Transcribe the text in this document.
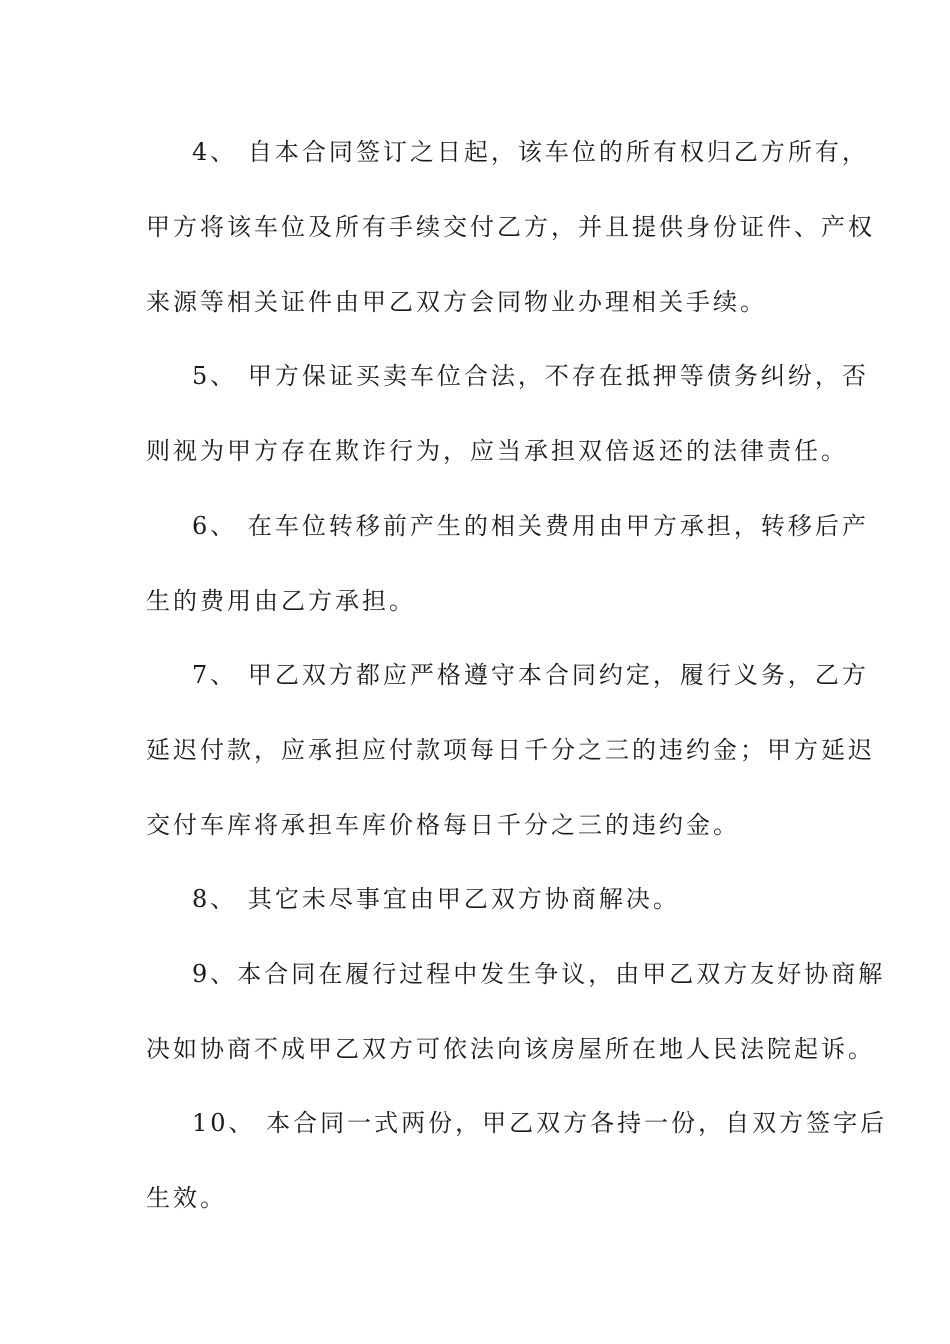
4、 自本合同签订之日起，该车位的所有权归乙方所有，
甲方将该车位及所有手续交付乙方，并且提供身份证件、产权
来源等相关证件由甲乙双方会同物业办理相关手续。
5、 甲方保证买卖车位合法，不存在抵押等债务纠纷，否
则视为甲方存在欺诈行为，应当承担双倍返还的法律责任。
6、 在车位转移前产生的相关费用由甲方承担，转移后产
生的费用由乙方承担。
7、 甲乙双方都应严格遵守本合同约定，履行义务，乙方
延迟付款，应承担应付款项每日千分之三的违约金；甲方延迟
交付车库将承担车库价格每日千分之三的违约金。
8、 其它未尽事宜由甲乙双方协商解决。
9、本合同在履行过程中发生争议，由甲乙双方友好协商解
决如协商不成甲乙双方可依法向该房屋所在地人民法院起诉。
10、 本合同一式两份，甲乙双方各持一份，自双方签字后
生效。
